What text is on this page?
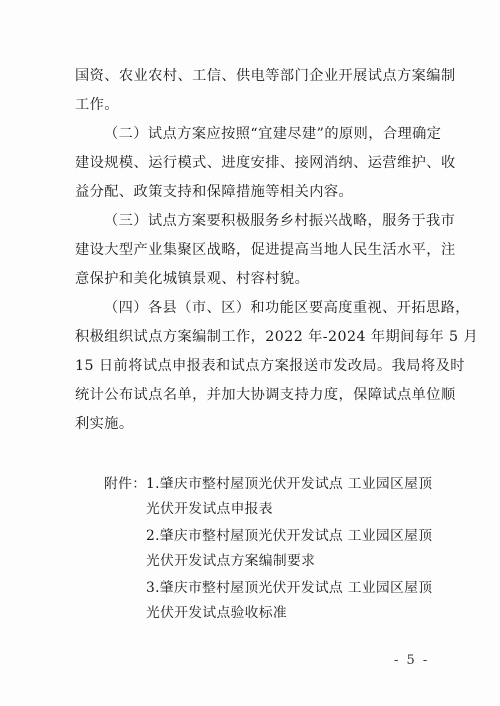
国资、农业农村、工信、供电等部门企业开展试点方案编制
工作。
（二）试点方案应按照“宜建尽建”的原则，合理确定
建设规模、运行模式、进度安排、接网消纳、运营维护、收
益分配、政策支持和保障措施等相关内容。
（三）试点方案要积极服务乡村振兴战略，服务于我市
建设大型产业集聚区战略，促进提高当地人民生活水平，注
意保护和美化城镇景观、村容村貌。
（四）各县（市、区）和功能区要高度重视、开拓思路，
积极组织试点方案编制工作，2022 年-2024 年期间每年 5 月
15 日前将试点申报表和试点方案报送市发改局。我局将及时
统计公布试点名单，并加大协调支持力度，保障试点单位顺
利实施。
附件： 1.肇庆市整村屋顶光伏开发试点 工业园区屋顶
光伏开发试点申报表
2.肇庆市整村屋顶光伏开发试点 工业园区屋顶
光伏开发试点方案编制要求
3.肇庆市整村屋顶光伏开发试点 工业园区屋顶
光伏开发试点验收标准
- 5 -
